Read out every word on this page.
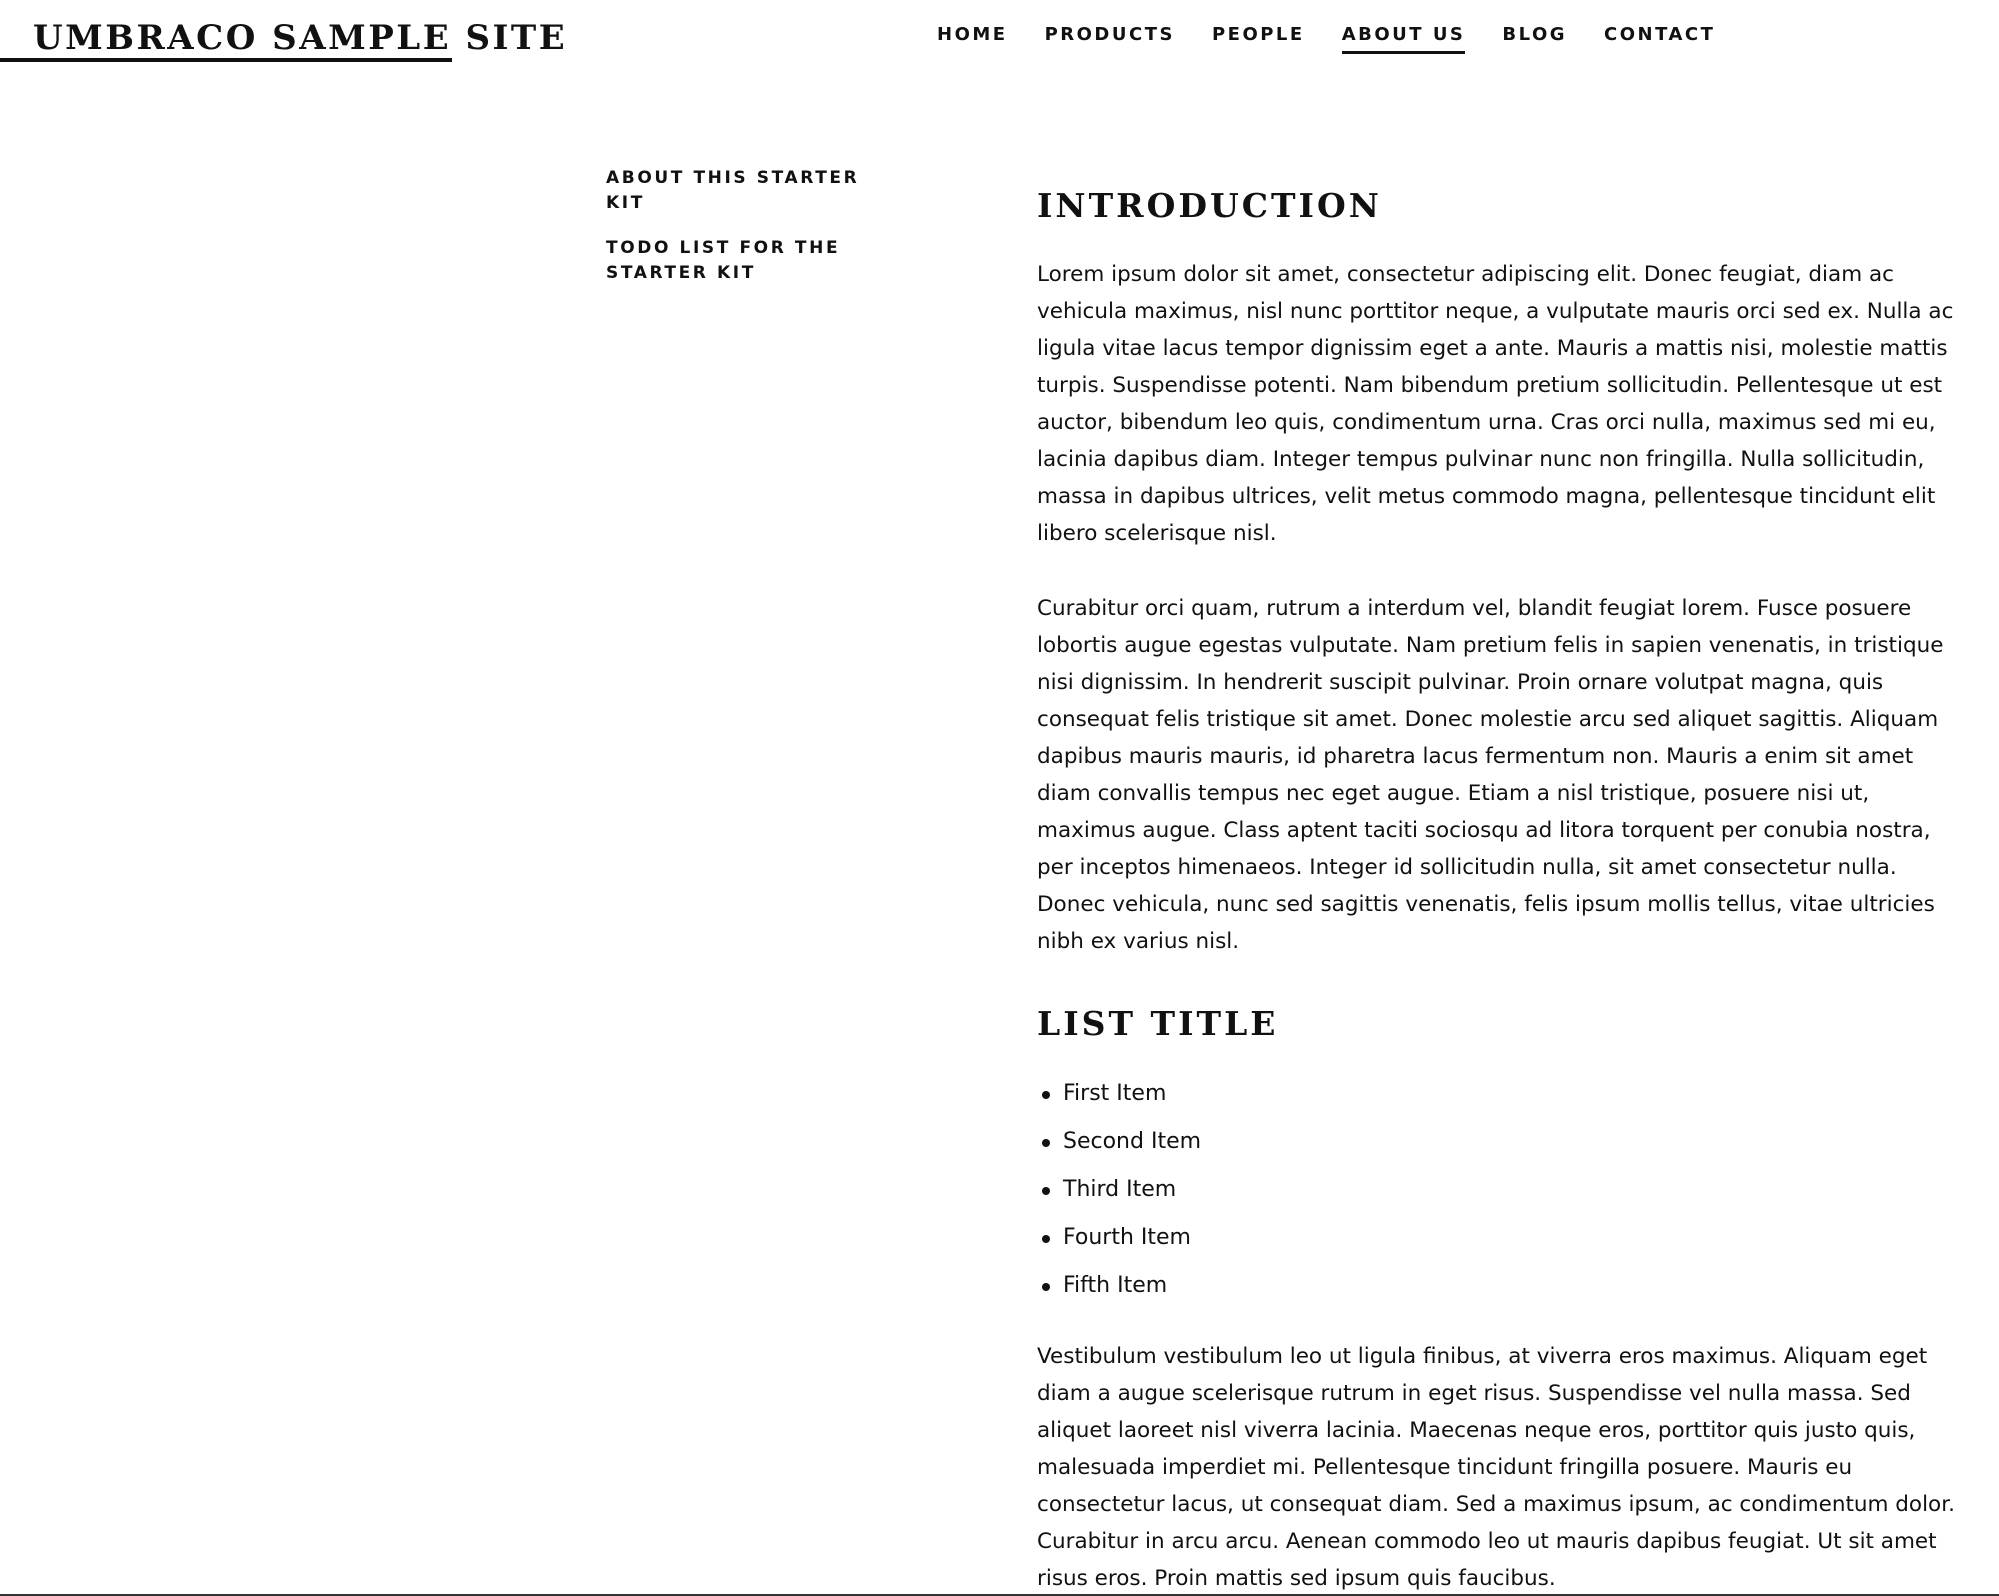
UMBRACO SAMPLE SITE	HOME PRODUCTS PEOPLE ABOUT US BLOG CONTACT
ABOUT THIS STARTER KIT
TODO LIST FOR THE STARTER KIT
INTRODUCTION

Lorem ipsum dolor sit amet, consectetur adipiscing elit. Donec feugiat, diam ac vehicula maximus, nisl nunc porttitor neque, a vulputate mauris orci sed ex. Nulla ac ligula vitae lacus tempor dignissim eget a ante. Mauris a mattis nisi, molestie mattis turpis. Suspendisse potenti. Nam bibendum pretium sollicitudin. Pellentesque ut est auctor, bibendum leo quis, condimentum urna. Cras orci nulla, maximus sed mi eu, lacinia dapibus diam. Integer tempus pulvinar nunc non fringilla. Nulla sollicitudin, massa in dapibus ultrices, velit metus commodo magna, pellentesque tincidunt elit libero scelerisque nisl.

Curabitur orci quam, rutrum a interdum vel, blandit feugiat lorem. Fusce posuere lobortis augue egestas vulputate. Nam pretium felis in sapien venenatis, in tristique nisi dignissim. In hendrerit suscipit pulvinar. Proin ornare volutpat magna, quis consequat felis tristique sit amet. Donec molestie arcu sed aliquet sagittis. Aliquam dapibus mauris mauris, id pharetra lacus fermentum non. Mauris a enim sit amet diam convallis tempus nec eget augue. Etiam a nisl tristique, posuere nisi ut, maximus augue. Class aptent taciti sociosqu ad litora torquent per conubia nostra, per inceptos himenaeos. Integer id sollicitudin nulla, sit amet consectetur nulla. Donec vehicula, nunc sed sagittis venenatis, felis ipsum mollis tellus, vitae ultricies nibh ex varius nisl.

LIST TITLE
First Item
Second Item
Third Item
Fourth Item
Fifth Item

Vestibulum vestibulum leo ut ligula finibus, at viverra eros maximus. Aliquam eget diam a augue scelerisque rutrum in eget risus. Suspendisse vel nulla massa. Sed aliquet laoreet nisl viverra lacinia. Maecenas neque eros, porttitor quis justo quis, malesuada imperdiet mi. Pellentesque tincidunt fringilla posuere. Mauris eu consectetur lacus, ut consequat diam. Sed a maximus ipsum, ac condimentum dolor. Curabitur in arcu arcu. Aenean commodo leo ut mauris dapibus feugiat. Ut sit amet risus eros. Proin mattis sed ipsum quis faucibus.
